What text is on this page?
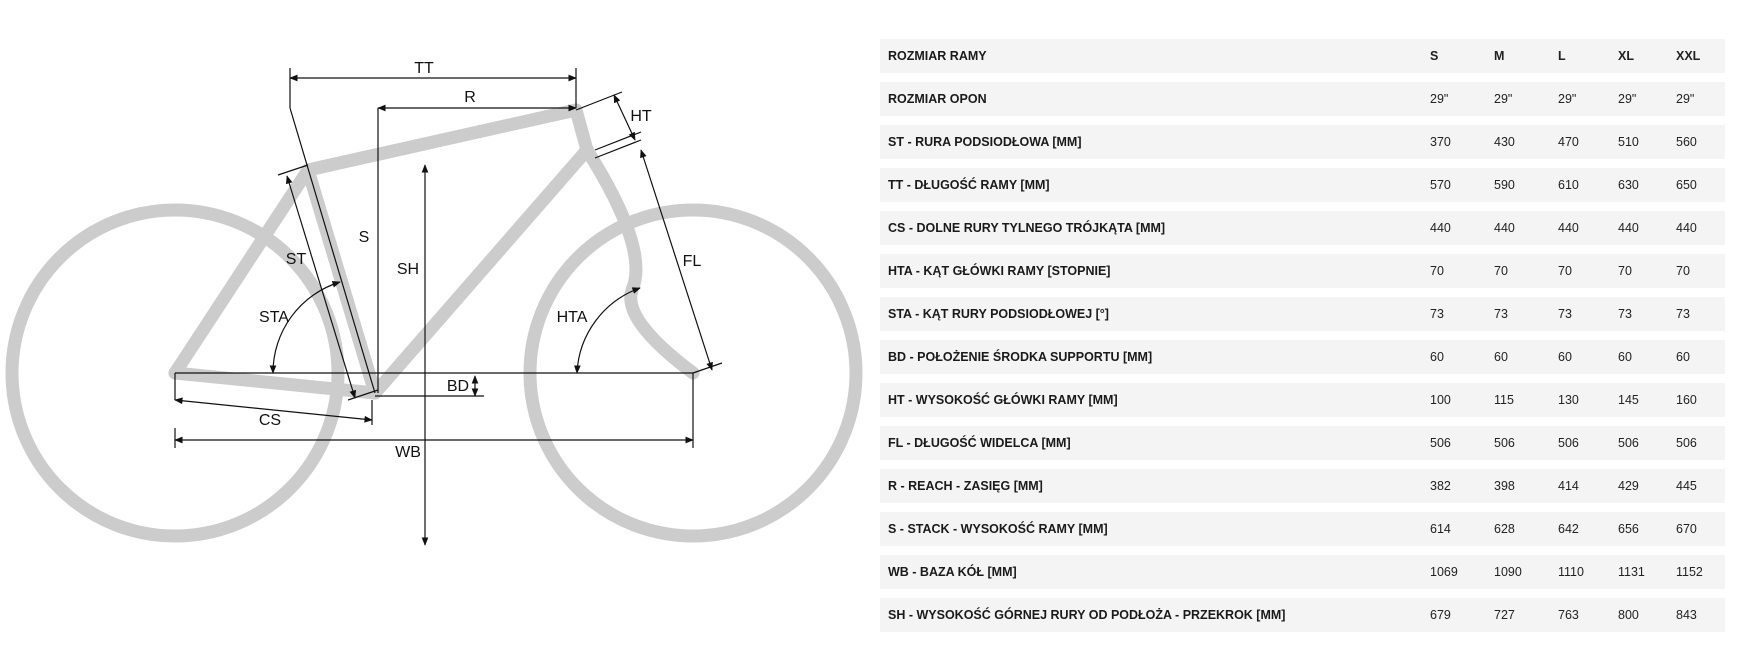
TT
R
HT
S
SH
ST	FL
STA	HTA
BD
CS
WB
ROZMIAR RAMY	S	M	L	XL	XXL
ROZMIAR OPON	29"	29"	29"	29"	29"
ST - RURA PODSIODŁOWA [MM]	370	430	470	510	560
TT - DŁUGOŚĆ RAMY [MM]	570	590	610	630	650
CS - DOLNE RURY TYLNEGO TRÓJKĄTA [MM]	440	440	440	440	440
HTA - KĄT GŁÓWKI RAMY [STOPNIE]	70	70	70	70	70
STA - KĄT RURY PODSIODŁOWEJ [°]	73	73	73	73	73
BD - POŁOŻENIE ŚRODKA SUPPORTU [MM]	60	60	60	60	60
HT - WYSOKOŚĆ GŁÓWKI RAMY [MM]	100	115	130	145	160
FL - DŁUGOŚĆ WIDELCA [MM]	506	506	506	506	506
R - REACH - ZASIĘG [MM]	382	398	414	429	445
S - STACK - WYSOKOŚĆ RAMY [MM]	614	628	642	656	670
WB - BAZA KÓŁ [MM]	1069	1090	1110	1131	1152
SH - WYSOKOŚĆ GÓRNEJ RURY OD PODŁOŻA - PRZEKROK [MM]	679	727	763	800	843
